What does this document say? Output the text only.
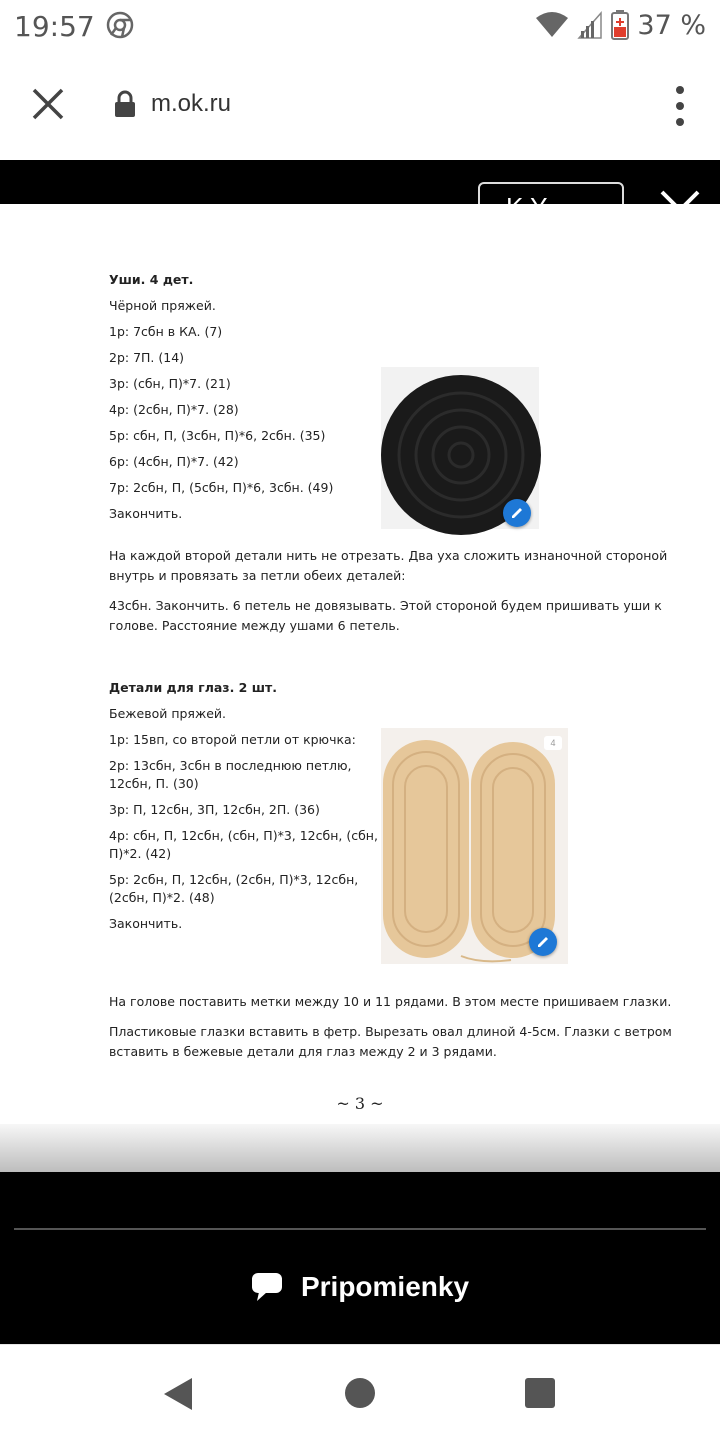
19:57	37 %
m.ok.ru
Уши. 4 дет.
Чёрной пряжей.
1р: 7сбн в КА. (7)
2р: 7П. (14)
3р: (сбн, П)*7. (21)
4р: (2сбн, П)*7. (28)
5р: сбн, П, (3сбн, П)*6, 2сбн. (35)
6р: (4сбн, П)*7. (42)
7р: 2сбн, П, (5сбн, П)*6, 3сбн. (49)
Закончить.
На каждой второй детали нить не отрезать. Два уха сложить изнаночной стороной
внутрь и провязать за петли обеих деталей:
43сбн. Закончить. 6 петель не довязывать. Этой стороной будем пришивать уши к
голове. Расстояние между ушами 6 петель.
Детали для глаз. 2 шт.
Бежевой пряжей.
1р: 15вп, со второй петли от крючка:
2р: 13сбн, 3сбн в последнюю петлю,
12сбн, П. (30)
3р: П, 12сбн, 3П, 12сбн, 2П. (36)
4р: сбн, П, 12сбн, (сбн, П)*3, 12сбн, (сбн,
П)*2. (42)
5р: 2сбн, П, 12сбн, (2сбн, П)*3, 12сбн,
(2сбн, П)*2. (48)
Закончить.
4
На голове поставить метки между 10 и 11 рядами. В этом месте пришиваем глазки.
Пластиковые глазки вставить в фетр. Вырезать овал длиной 4-5см. Глазки с ветром
вставить в бежевые детали для глаз между 2 и 3 рядами.
~ 3 ~
Pripomienky
